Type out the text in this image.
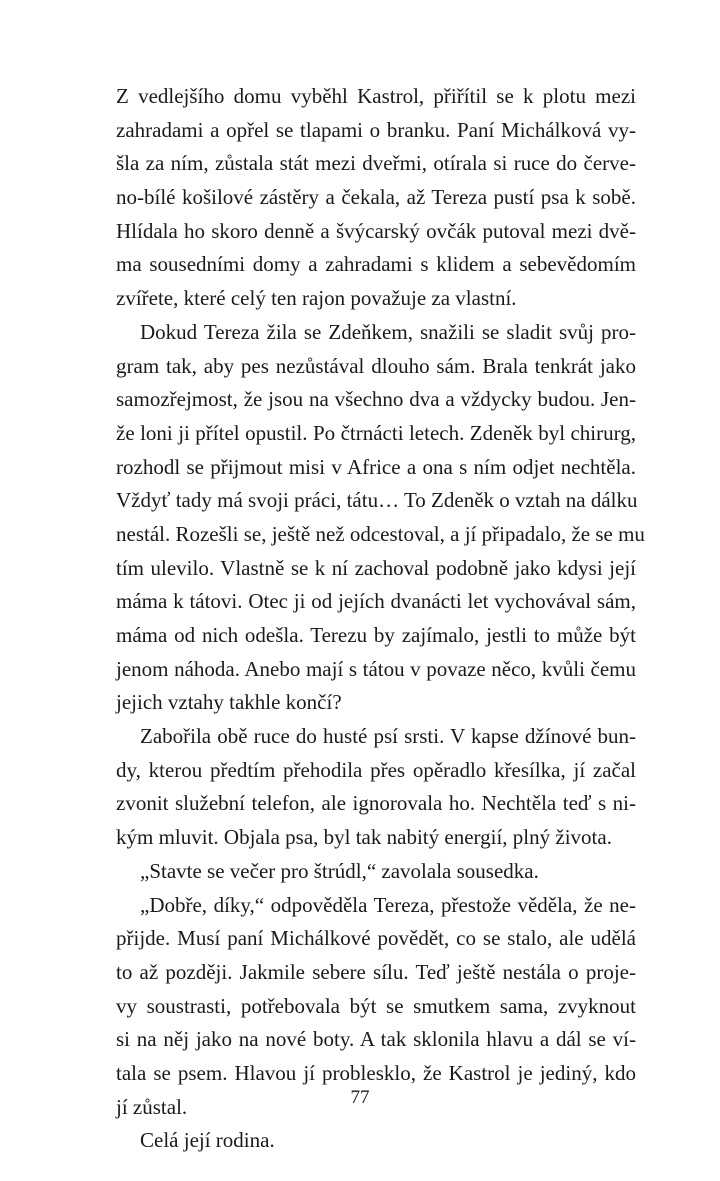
Z vedlejšího domu vyběhl Kastrol, přiřítil se k plotu mezi
zahradami a opřel se tlapami o branku. Paní Michálková vy-
šla za ním, zůstala stát mezi dveřmi, otírala si ruce do červe-
no-bílé košilové zástěry a čekala, až Tereza pustí psa k sobě.
Hlídala ho skoro denně a švýcarský ovčák putoval mezi dvě-
ma sousedními domy a zahradami s klidem a sebevědomím
zvířete, které celý ten rajon považuje za vlastní.

Dokud Tereza žila se Zdeňkem, snažili se sladit svůj pro-
gram tak, aby pes nezůstával dlouho sám. Brala tenkrát jako
samozřejmost, že jsou na všechno dva a vždycky budou. Jen-
že loni ji přítel opustil. Po čtrnácti letech. Zdeněk byl chirurg,
rozhodl se přijmout misi v Africe a ona s ním odjet nechtěla.
Vždyť tady má svoji práci, tátu… To Zdeněk o vztah na dálku
nestál. Rozešli se, ještě než odcestoval, a jí připadalo, že se mu
tím ulevilo. Vlastně se k ní zachoval podobně jako kdysi její
máma k tátovi. Otec ji od jejích dvanácti let vychovával sám,
máma od nich odešla. Terezu by zajímalo, jestli to může být
jenom náhoda. Anebo mají s tátou v povaze něco, kvůli čemu
jejich vztahy takhle končí?

Zabořila obě ruce do husté psí srsti. V kapse džínové bun-
dy, kterou předtím přehodila přes opěradlo křesílka, jí začal
zvonit služební telefon, ale ignorovala ho. Nechtěla teď s ni-
kým mluvit. Objala psa, byl tak nabitý energií, plný života.

„Stavte se večer pro štrúdl,“ zavolala sousedka.

„Dobře, díky,“ odpověděla Tereza, přestože věděla, že ne-
přijde. Musí paní Michálkové povědět, co se stalo, ale udělá
to až později. Jakmile sebere sílu. Teď ještě nestála o proje-
vy soustrasti, potřebovala být se smutkem sama, zvyknout
si na něj jako na nové boty. A tak sklonila hlavu a dál se ví-
tala se psem. Hlavou jí problesklo, že Kastrol je jediný, kdo
jí zůstal.

Celá její rodina.

77
